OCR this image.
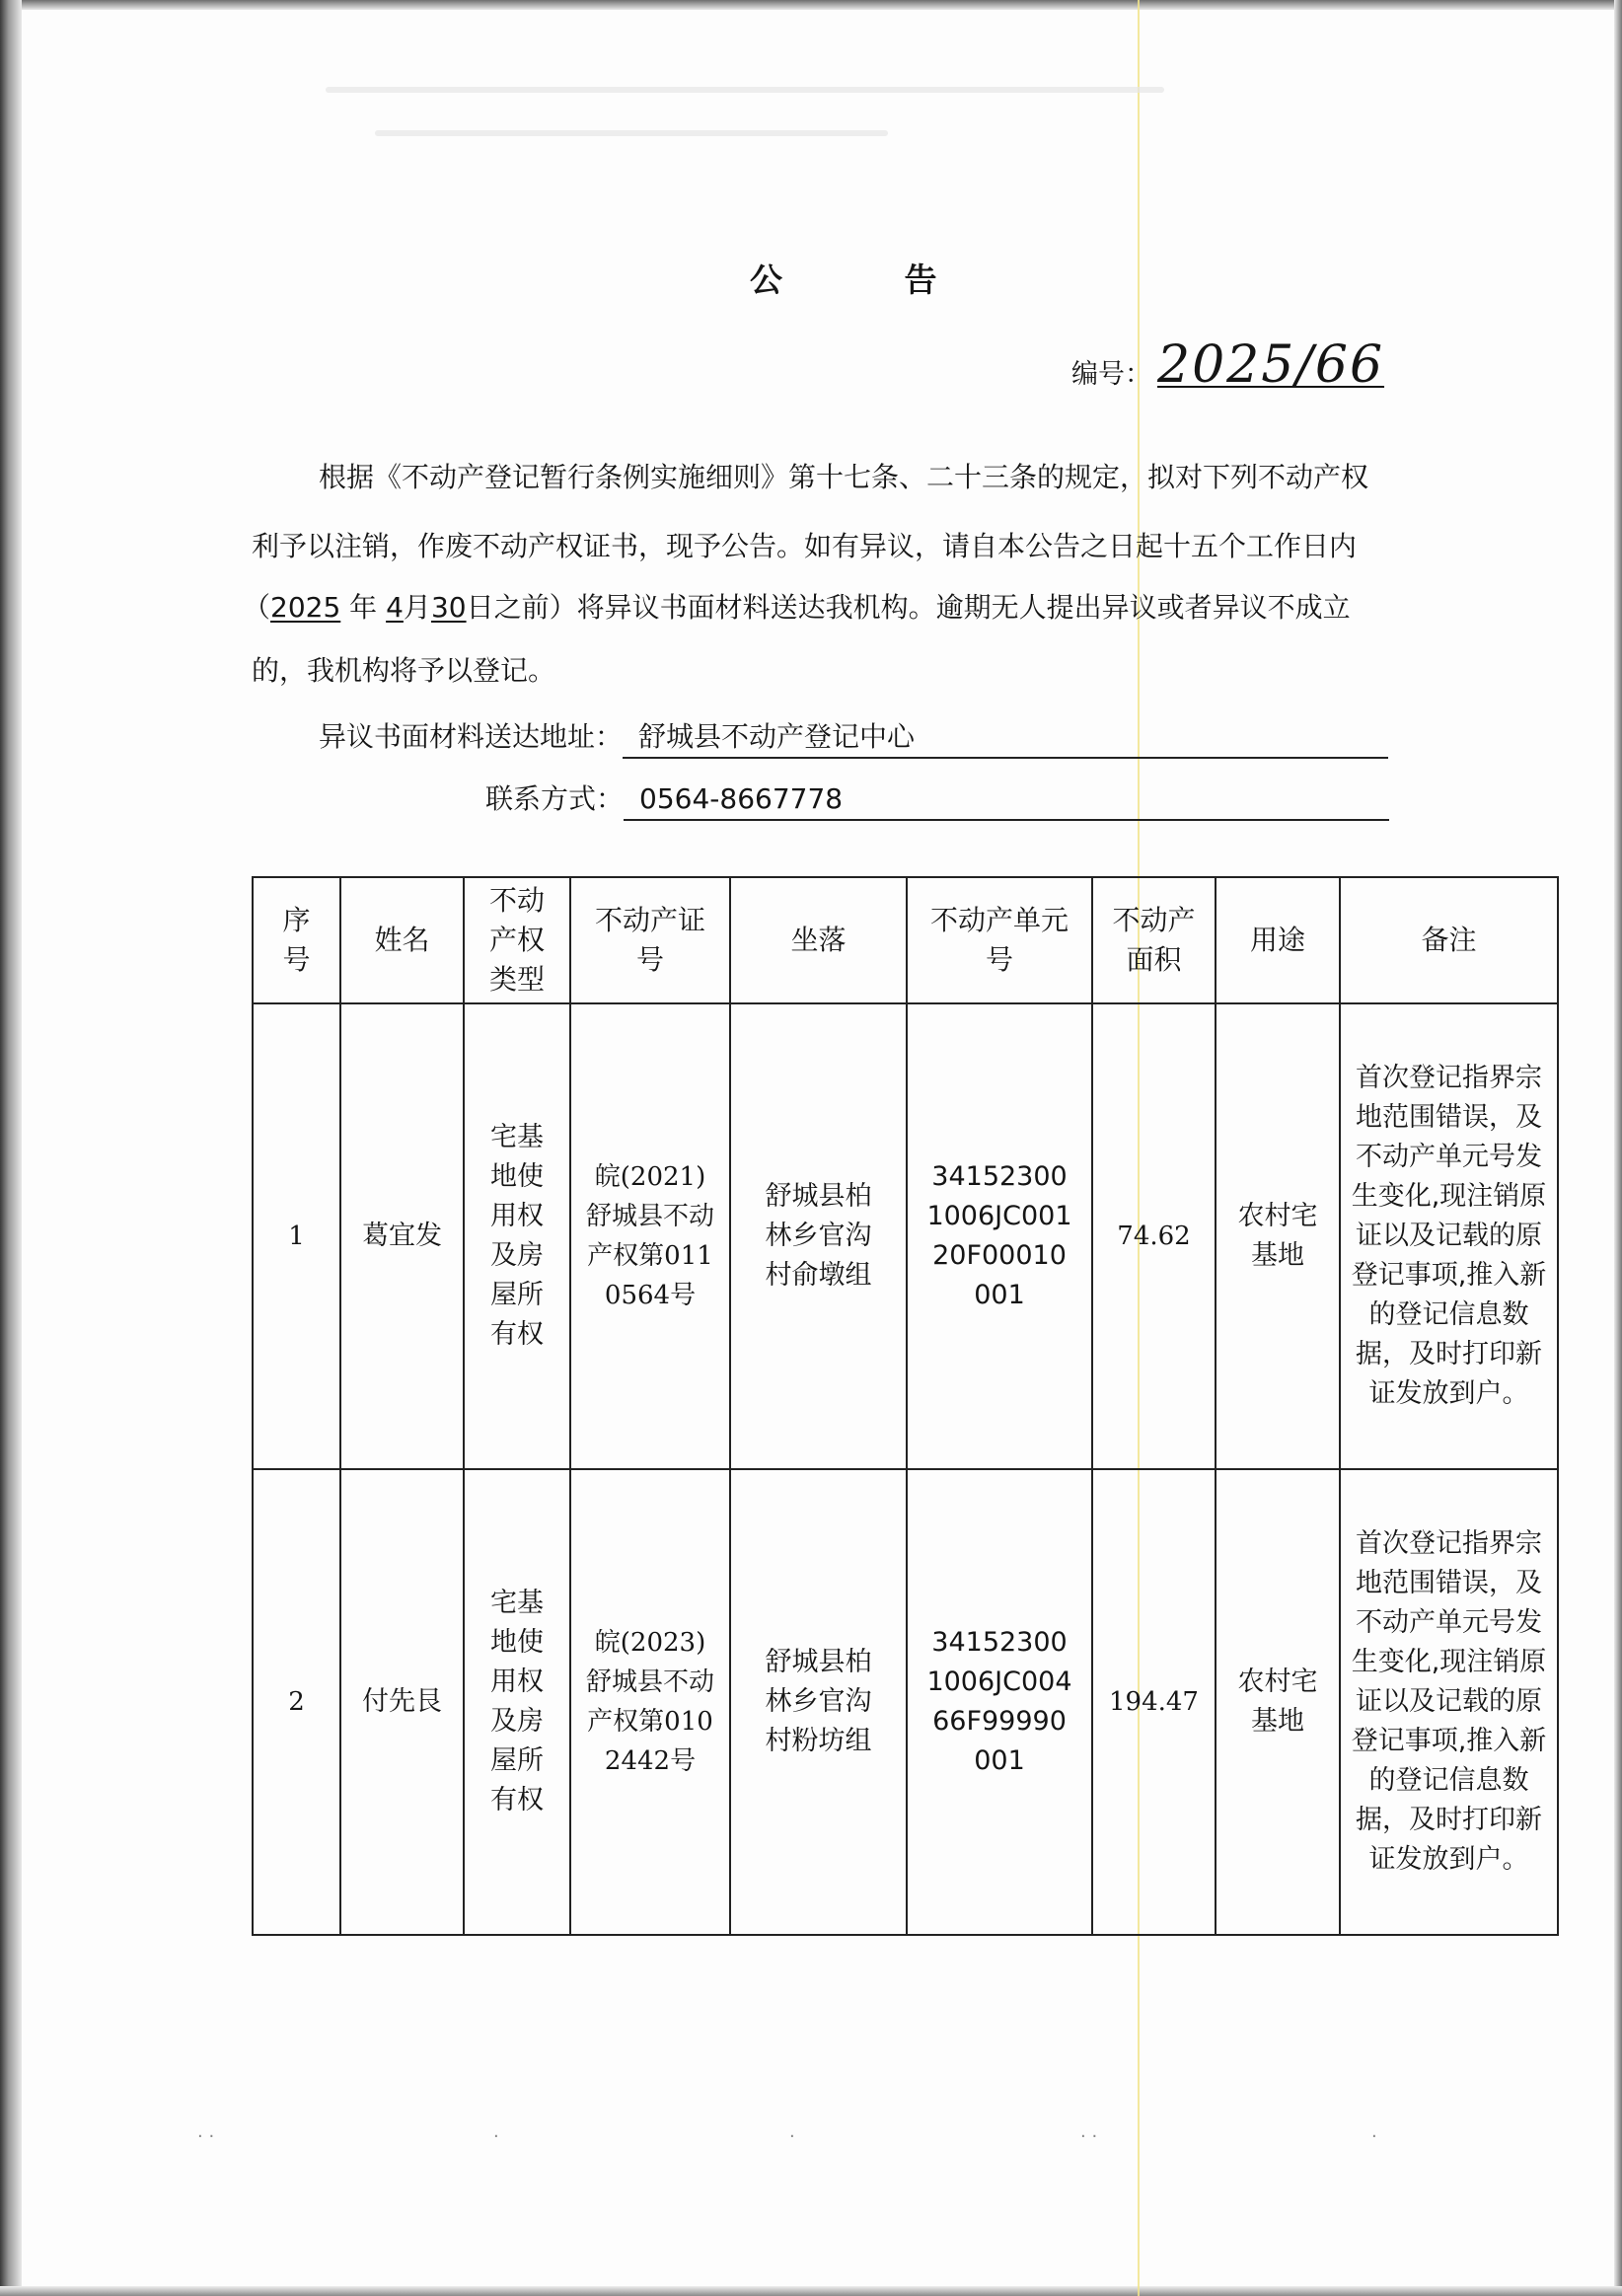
公 告
编号： 2025/66
根据《不动产登记暂行条例实施细则》第十七条、二十三条的规定，拟对下列不动产权
利予以注销，作废不动产权证书，现予公告。如有异议，请自本公告之日起十五个工作日内
（2025 年 4月30日之前）将异议书面材料送达我机构。逾期无人提出异议或者异议不成立
的，我机构将予以登记。
异议书面材料送达地址： 舒城县不动产登记中心
联系方式： 0564-8667778
序号	姓名	不动产权类型	不动产证号	坐落	不动产单元号	不动产面积	用途	备注
1	葛宜发	宅基地使用权及房屋所有权	皖(2021)舒城县不动产权第0110564号	舒城县柏林乡官沟村俞墩组	341523001006JC00120F00010001	74.62	农村宅基地	首次登记指界宗地范围错误，及不动产单元号发生变化,现注销原证以及记载的原登记事项,推入新的登记信息数据，及时打印新证发放到户。
2	付先艮	宅基地使用权及房屋所有权	皖(2023)舒城县不动产权第0102442号	舒城县柏林乡官沟村粉坊组	341523001006JC00466F99990001	194.47	农村宅基地	首次登记指界宗地范围错误，及不动产单元号发生变化,现注销原证以及记载的原登记事项,推入新的登记信息数据，及时打印新证发放到户。
· ·	·	·	· ·	·
